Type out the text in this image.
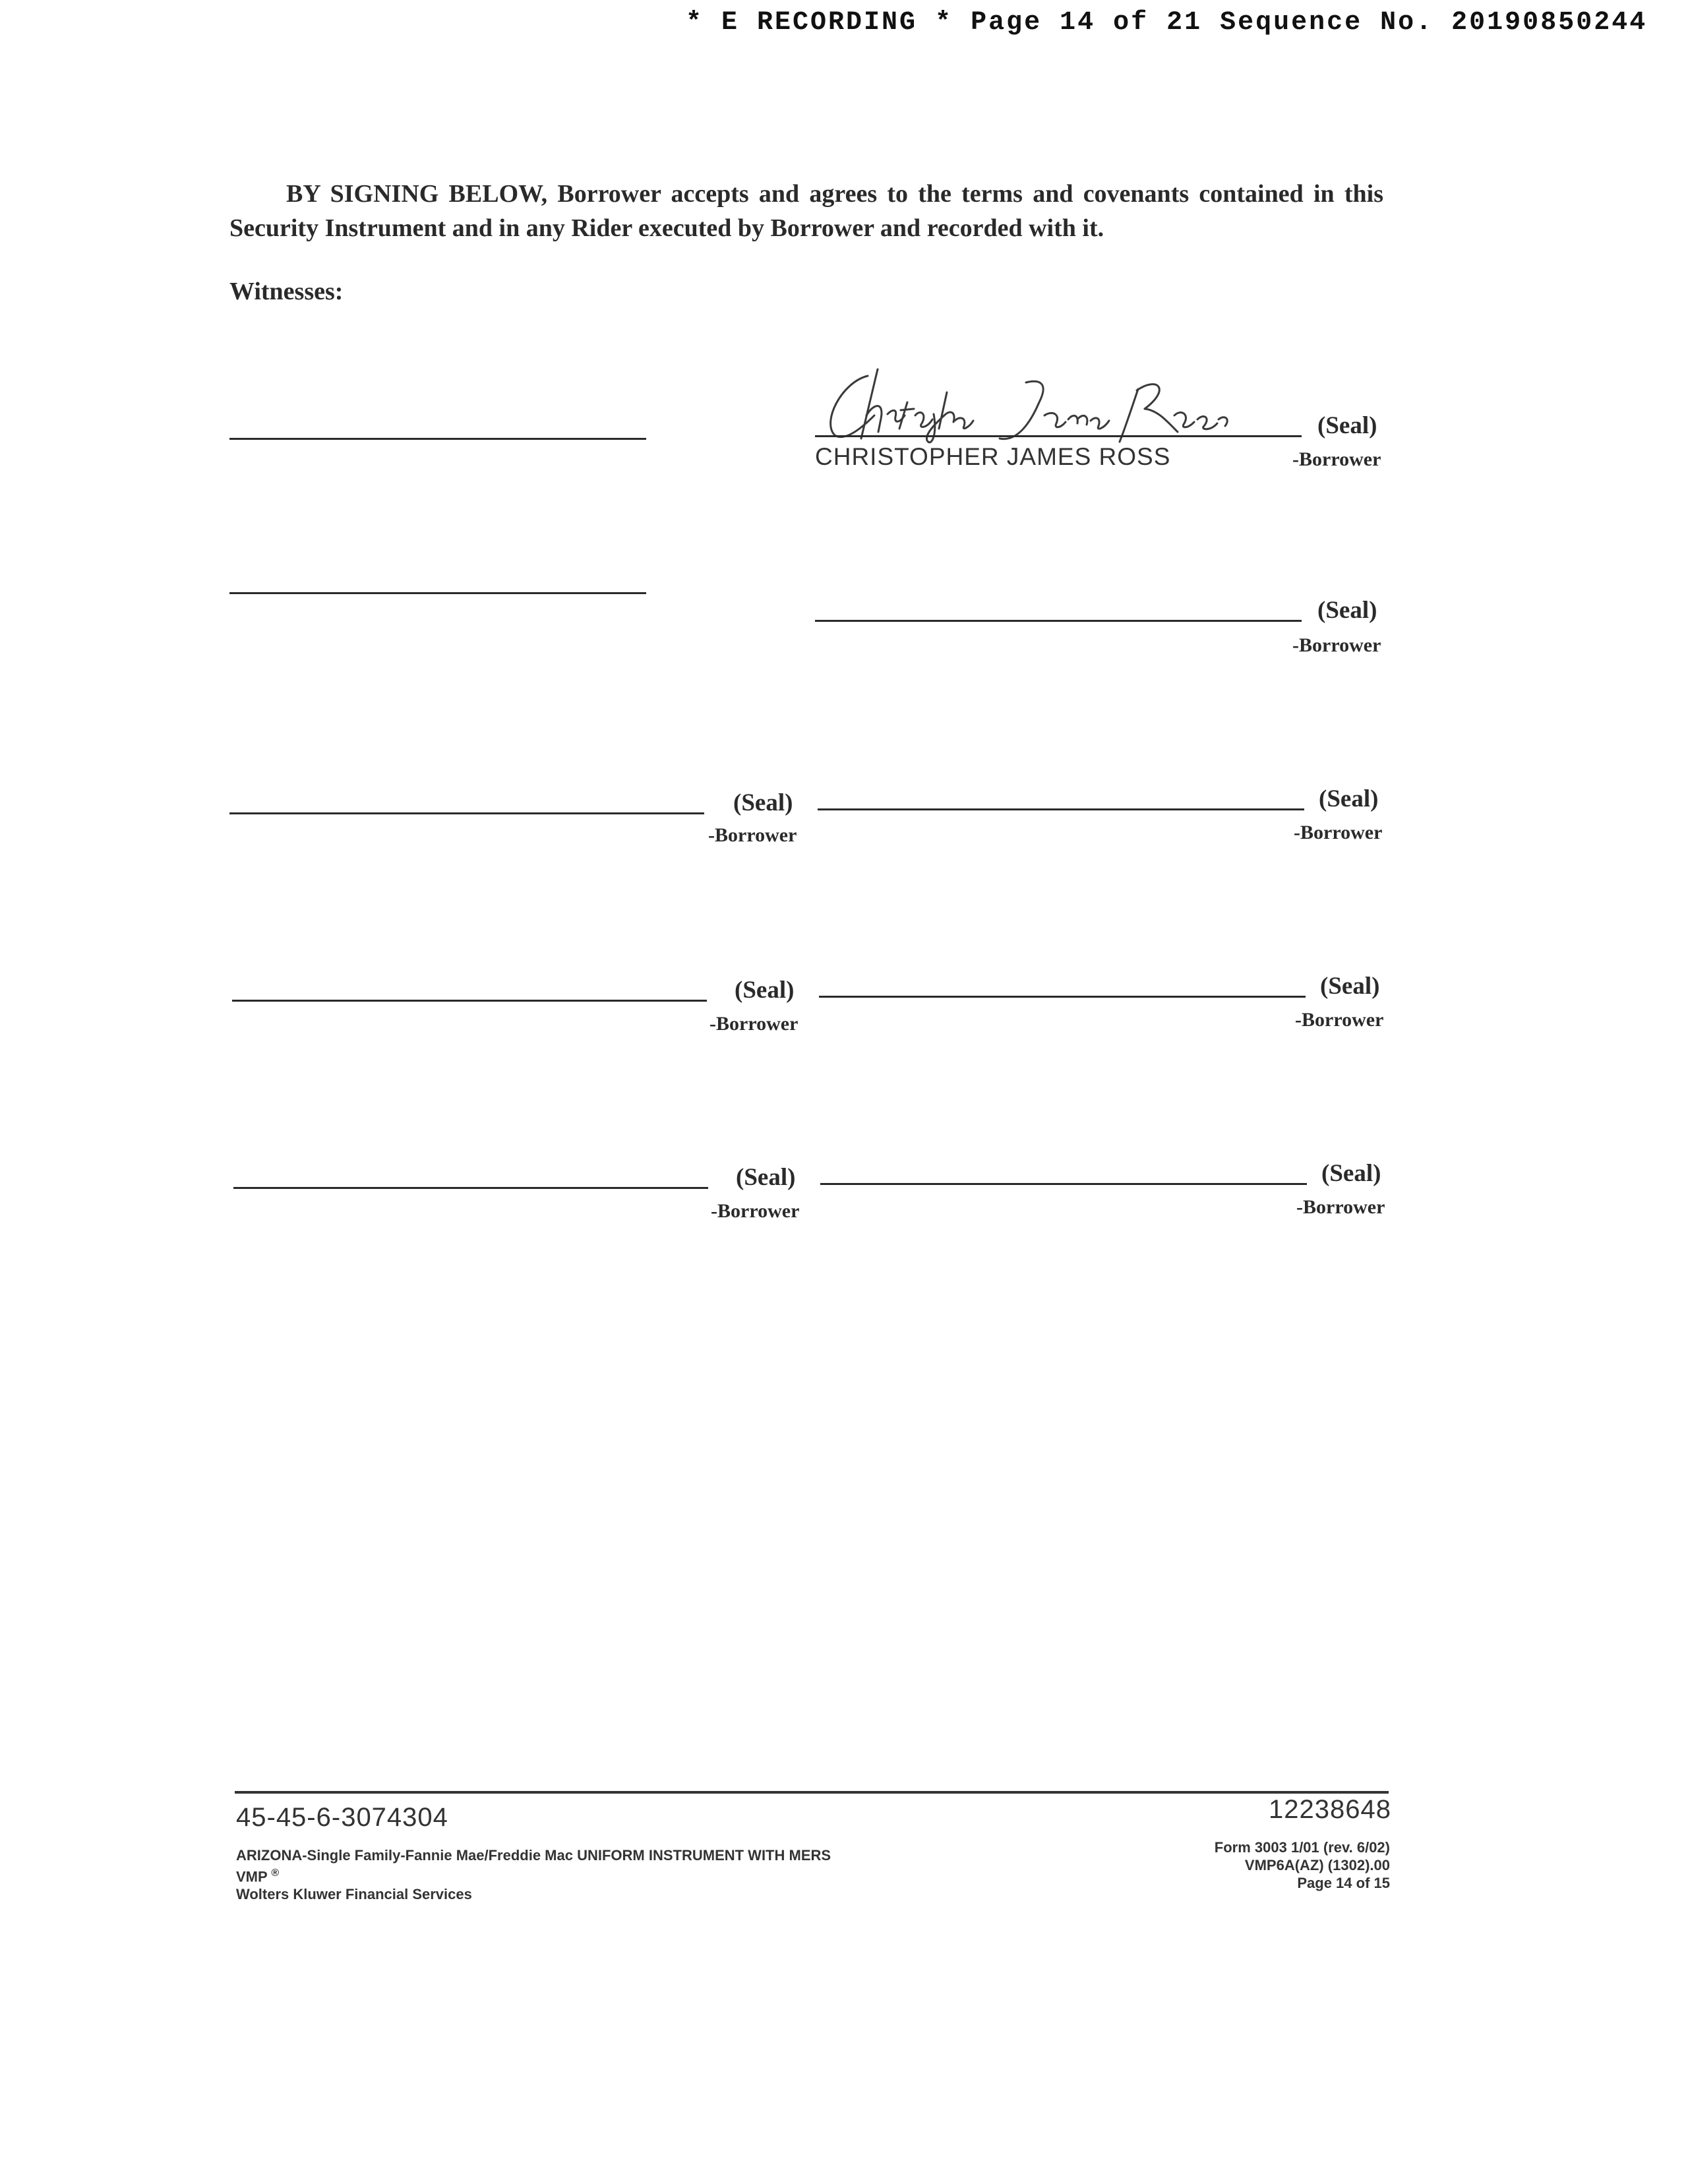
* E RECORDING * Page 14 of 21 Sequence No. 20190850244
BY SIGNING BELOW, Borrower accepts and agrees to the terms and covenants contained in this Security Instrument and in any Rider executed by Borrower and recorded with it.
Witnesses:
(Seal)
CHRISTOPHER JAMES ROSS	-Borrower
(Seal)
-Borrower
(Seal)
-Borrower
(Seal)
-Borrower
(Seal)
-Borrower
(Seal)
-Borrower
(Seal)
-Borrower
(Seal)
-Borrower
45-45-6-3074304	12238648
ARIZONA-Single Family-Fannie Mae/Freddie Mac UNIFORM INSTRUMENT WITH MERS
VMP ®
Wolters Kluwer Financial Services
Form 3003 1/01 (rev. 6/02)
VMP6A(AZ) (1302).00
Page 14 of 15
